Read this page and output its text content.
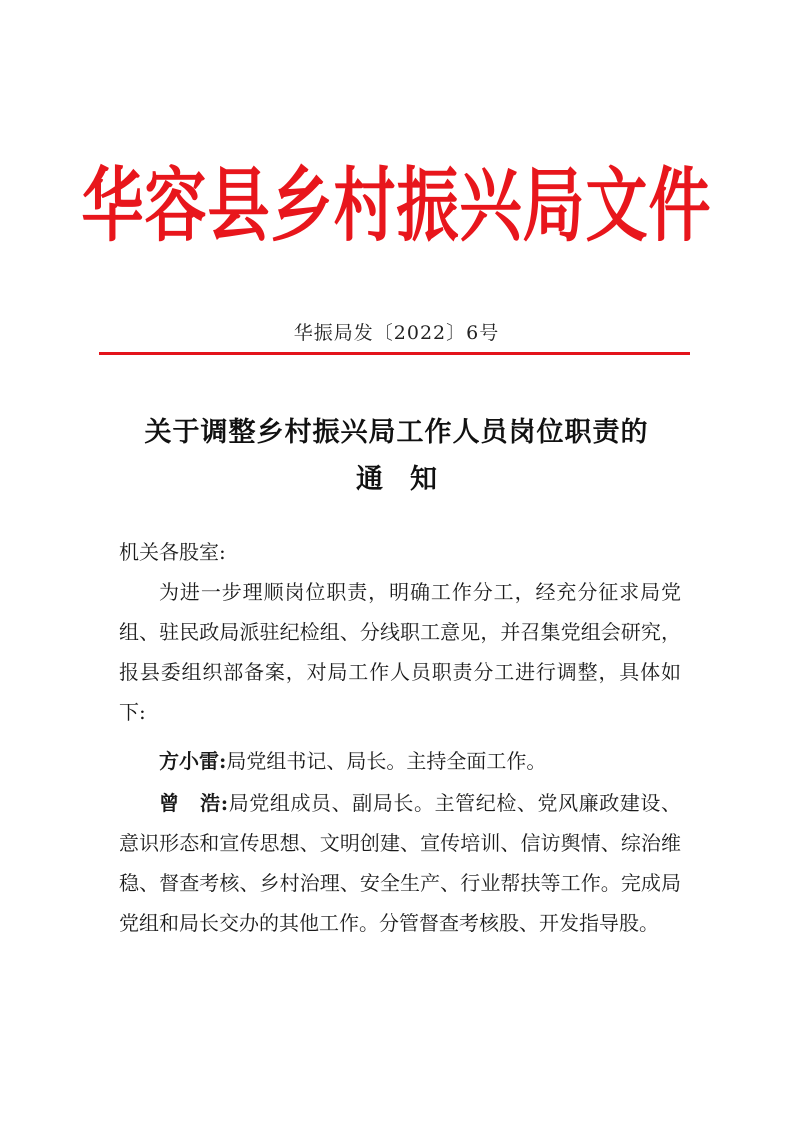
华容县乡村振兴局文件
华振局发〔2022〕6号
关于调整乡村振兴局工作人员岗位职责的
通　知
机关各股室:
为进一步理顺岗位职责，明确工作分工，经充分征求局党组、驻民政局派驻纪检组、分线职工意见，并召集党组会研究，报县委组织部备案，对局工作人员职责分工进行调整，具体如下:
方小雷:局党组书记、局长。主持全面工作。
曾　浩:局党组成员、副局长。主管纪检、党风廉政建设、意识形态和宣传思想、文明创建、宣传培训、信访舆情、综治维稳、督查考核、乡村治理、安全生产、行业帮扶等工作。完成局党组和局长交办的其他工作。分管督查考核股、开发指导股。
